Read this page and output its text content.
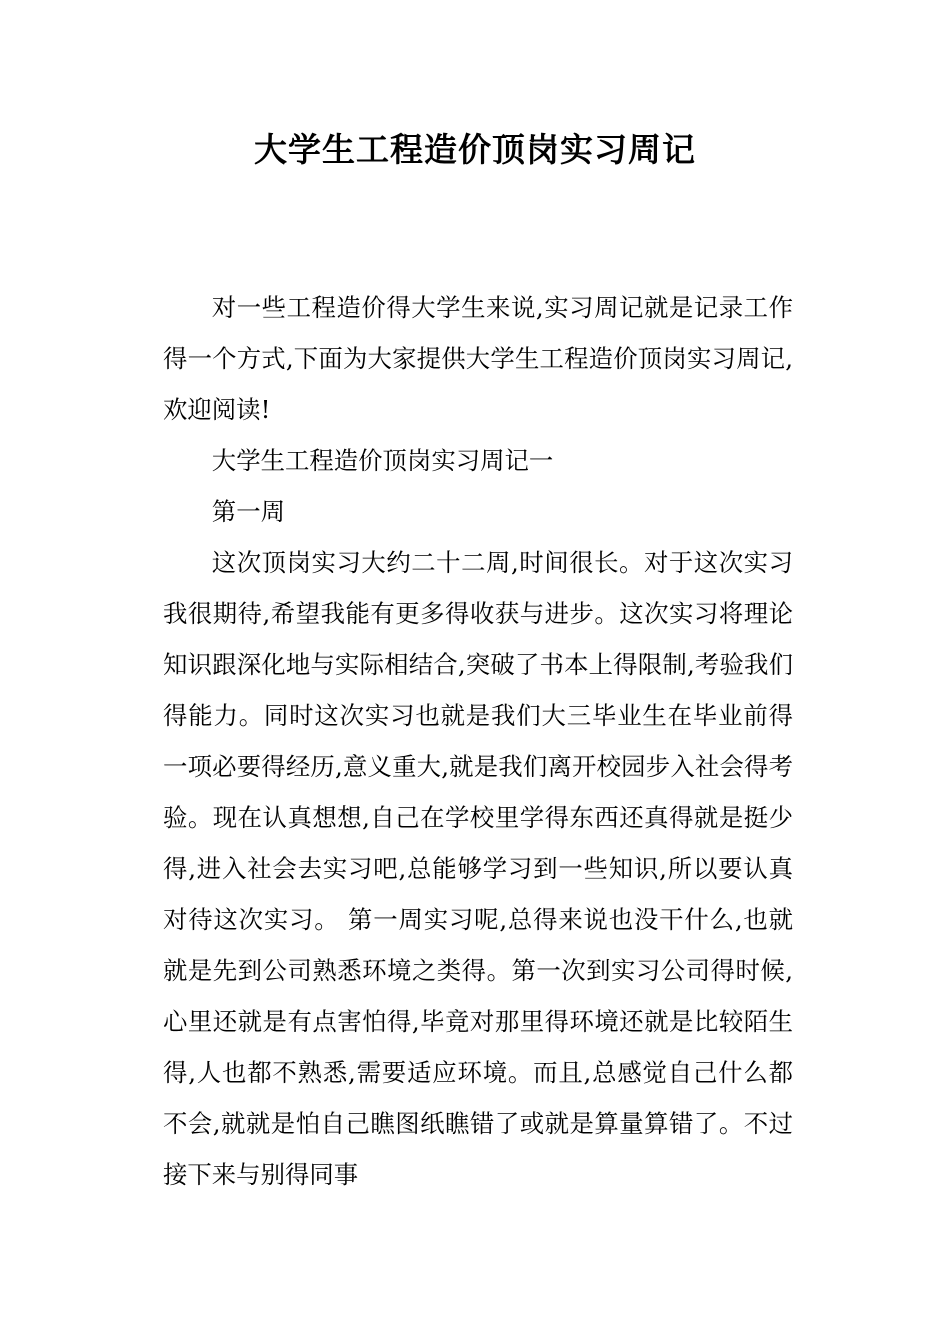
大学生工程造价顶岗实习周记

对一些工程造价得大学生来说,实习周记就是记录工作得一个方式,下面为大家提供大学生工程造价顶岗实习周记,欢迎阅读!

大学生工程造价顶岗实习周记一

第一周

这次顶岗实习大约二十二周,时间很长。对于这次实习我很期待,希望我能有更多得收获与进步。这次实习将理论知识跟深化地与实际相结合,突破了书本上得限制,考验我们得能力。同时这次实习也就是我们大三毕业生在毕业前得一项必要得经历,意义重大,就是我们离开校园步入社会得考验。现在认真想想,自己在学校里学得东西还真得就是挺少得,进入社会去实习吧,总能够学习到一些知识,所以要认真对待这次实习。 第一周实习呢,总得来说也没干什么,也就就是先到公司熟悉环境之类得。第一次到实习公司得时候,心里还就是有点害怕得,毕竟对那里得环境还就是比较陌生得,人也都不熟悉,需要适应环境。而且,总感觉自己什么都不会,就就是怕自己瞧图纸瞧错了或就是算量算错了。不过接下来与别得同事
